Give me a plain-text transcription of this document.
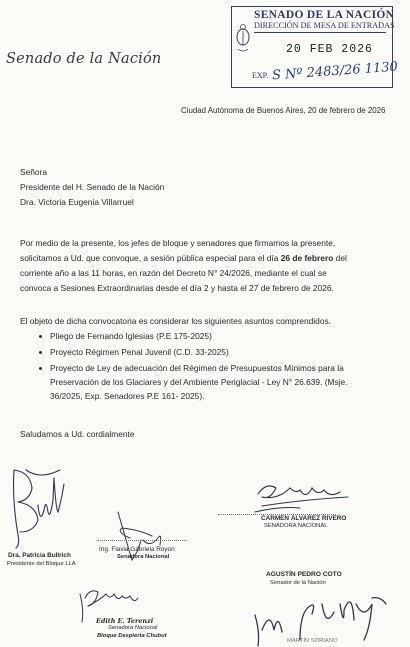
Senado de la Nación
SENADO DE LA NACIÓN
DIRECCIÓN DE MESA DE ENTRADAS
20 FEB 2026
EXP. S Nº 2483/26 1130
Ciudad Autónoma de Buenos Aires, 20 de febrero de 2026
Señora
Presidente del H. Senado de la Nación
Dra. Victoria Eugenia Villarruel
Por medio de la presente, los jefes de bloque y senadores que firmamos la presente,
solicitamos a Ud. que convoque, a sesión pública especial para el día 26 de febrero del
corriente año a las 11 horas, en razón del Decreto N° 24/2026, mediante el cual se
convoca a Sesiones Extraordinarias desde el día 2 y hasta el 27 de febrero de 2026.
El objeto de dicha convocatoria es considerar los siguientes asuntos comprendidos.
Pliego de Fernando Iglesias (P.E 175-2025)
Proyecto Régimen Penal Juvenil (C.D. 33-2025)
Proyecto de Ley de adecuación del Régimen de Presupuestos Mínimos para la
Preservación de los Glaciares y del Ambiente Periglacial - Ley N° 26.639. (Msje.
36/2025, Exp. Senadores P.E 161- 2025).
Saludamos a Ud. cordialmente
CARMEN ÁLVAREZ RIVERO
SENADORA NACIONAL
Dra. Patricia Bullrich
Presidente del Bloque LLA
Ing. Flavia Gabriela Royon
Senadora Nacional
AGUSTÍN PEDRO COTO
Senador de la Nación
Edith E. Terenzi
Senadora Nacional
Bloque Despierta Chubut
MARTÍN SORIANO
